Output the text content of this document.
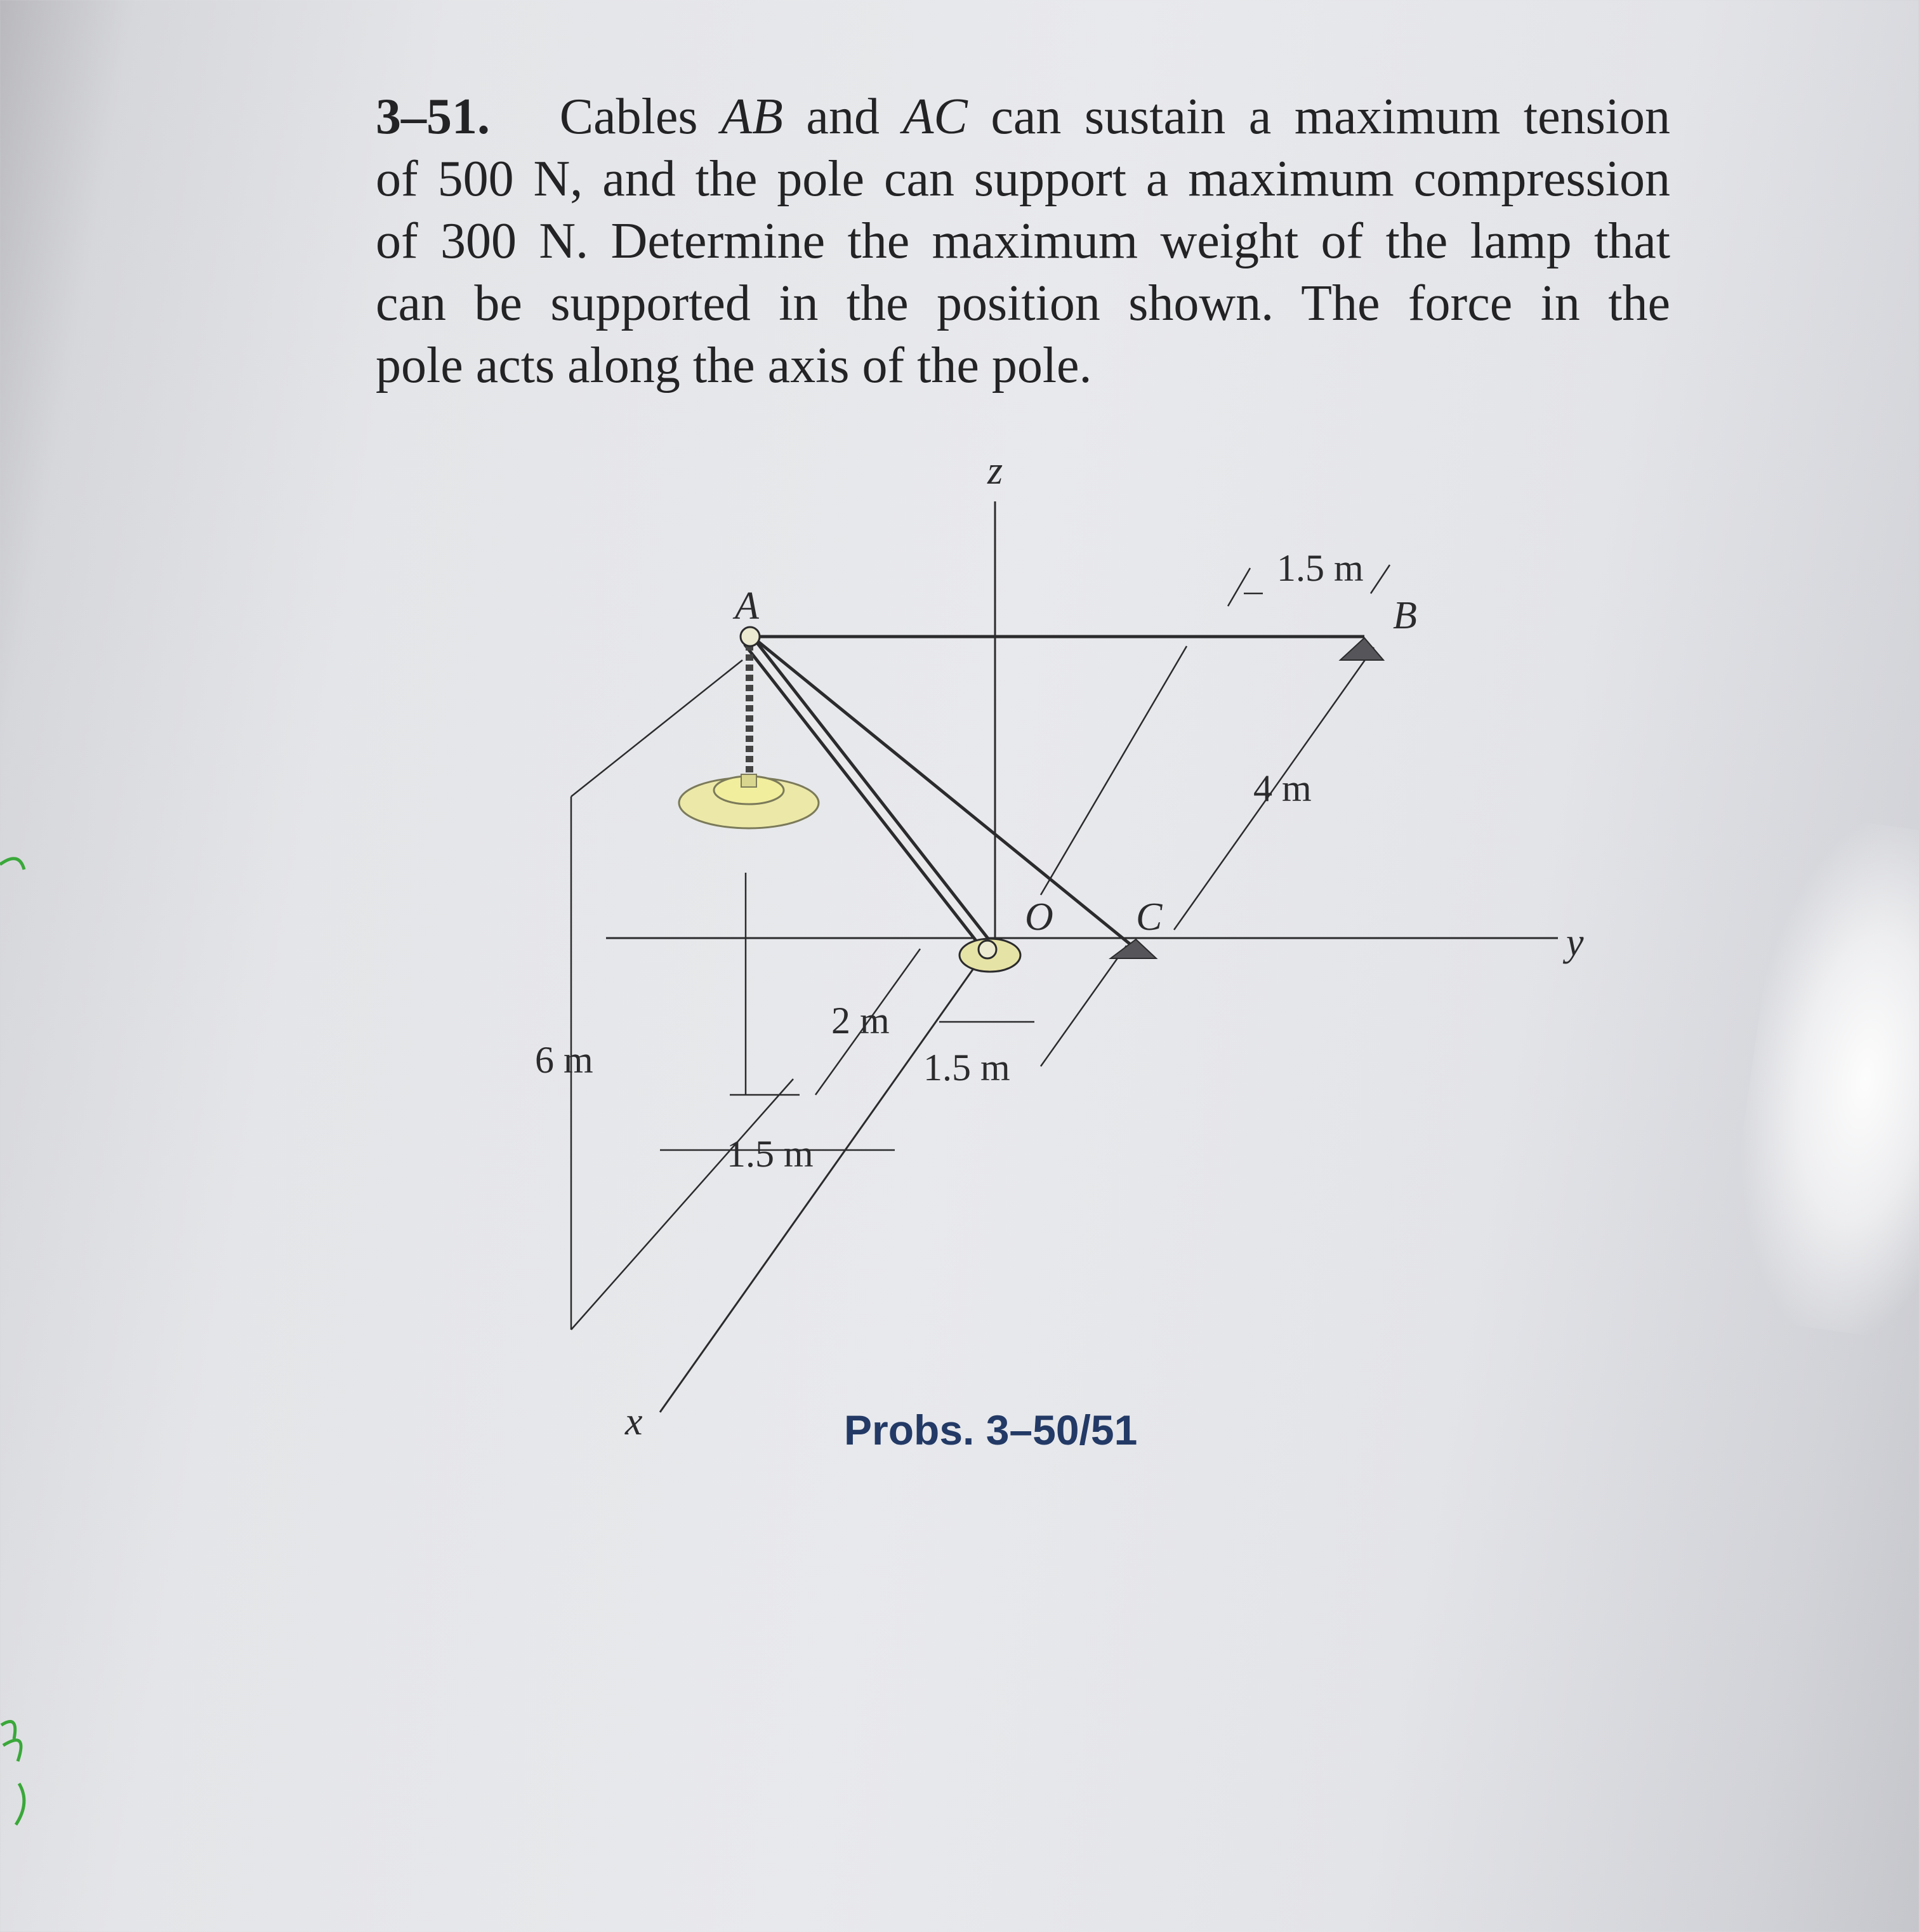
3–51. Cables AB and AC can sustain a maximum tension
of 500 N, and the pole can support a maximum compression
of 300 N. Determine the maximum weight of the lamp that
can be supported in the position shown. The force in the
pole acts along the axis of the pole.
z
y
x
A	B
C
O
1.5 m
4 m
6 m
2 m
1.5 m
1.5 m
Probs. 3–50/51
